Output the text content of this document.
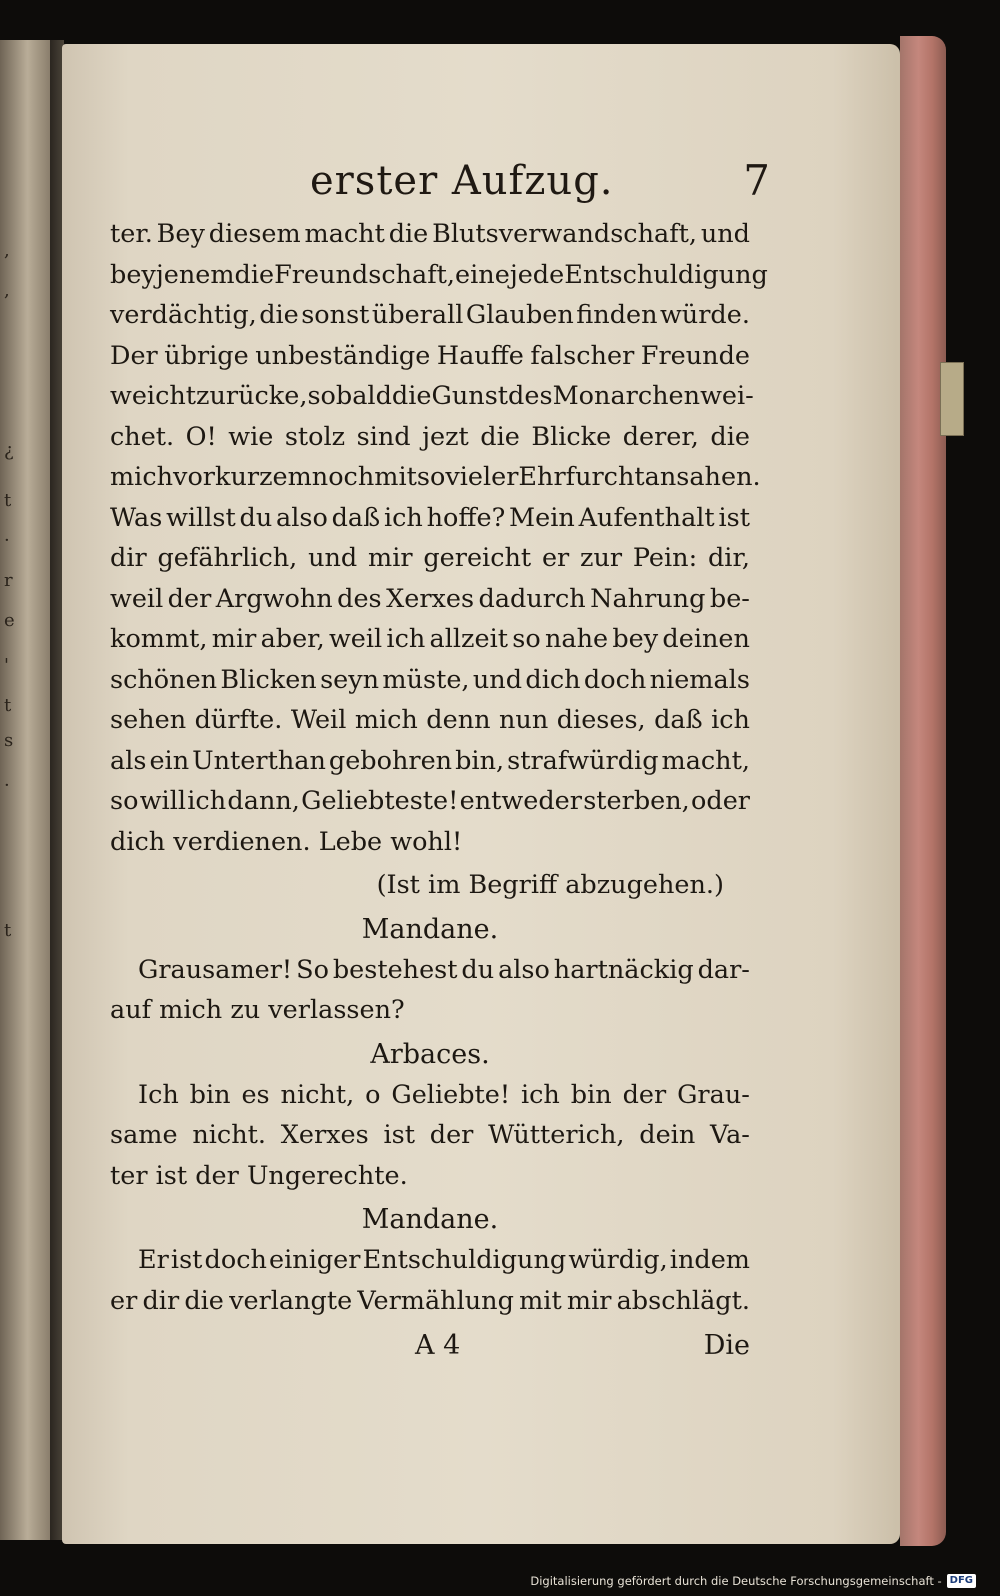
,
,
¿
t
·
r
e
'
t
s
·
t
erster Aufzug.	7
ter. Bey diesem macht die Blutsverwandschaft, und
bey jenem die Freundschaft, eine jede Entschuldigung
verdächtig, die sonst überall Glauben finden würde.
Der übrige unbeständige Hauffe falscher Freunde
weicht zurücke, so bald die Gunst des Monarchen wei-
chet. O! wie stolz sind jezt die Blicke derer, die
mich vor kurzem noch mit so vieler Ehrfurcht ansahen.
Was willst du also daß ich hoffe? Mein Aufenthalt ist
dir gefährlich, und mir gereicht er zur Pein: dir,
weil der Argwohn des Xerxes dadurch Nahrung be-
kommt, mir aber, weil ich allzeit so nahe bey deinen
schönen Blicken seyn müste, und dich doch niemals
sehen dürfte. Weil mich denn nun dieses, daß ich
als ein Unterthan gebohren bin, strafwürdig macht,
so will ich dann, Geliebteste! entweder sterben, oder
dich verdienen. Lebe wohl!
(Ist im Begriff abzugehen.)
Mandane.
Grausamer! So bestehest du also hartnäckig dar-
auf mich zu verlassen?
Arbaces.
Ich bin es nicht, o Geliebte! ich bin der Grau-
same nicht. Xerxes ist der Wütterich, dein Va-
ter ist der Ungerechte.
Mandane.
Er ist doch einiger Entschuldigung würdig, indem
er dir die verlangte Vermählung mit mir abschlägt.
A 4	Die
Digitalisierung gefördert durch die Deutsche Forschungsgemeinschaft - DFG
